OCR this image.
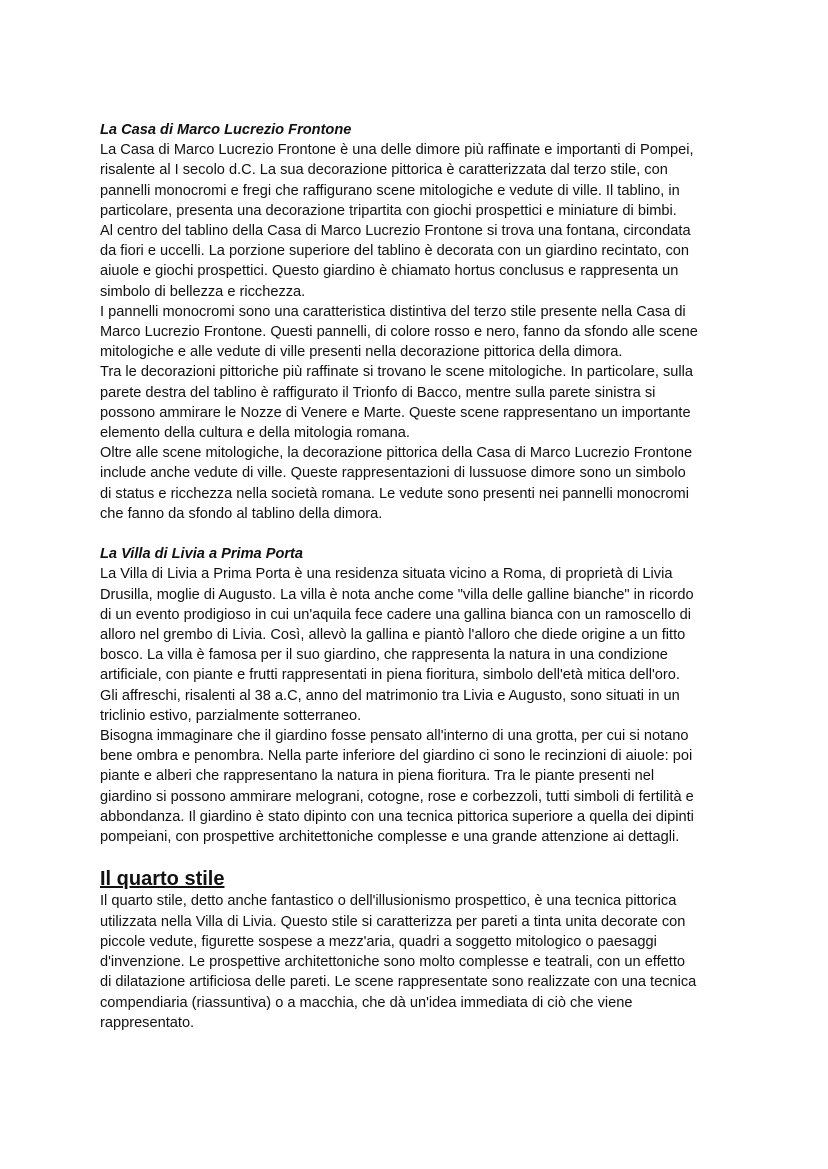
La Casa di Marco Lucrezio Frontone
La Casa di Marco Lucrezio Frontone è una delle dimore più raffinate e importanti di Pompei,
risalente al I secolo d.C. La sua decorazione pittorica è caratterizzata dal terzo stile, con
pannelli monocromi e fregi che raffigurano scene mitologiche e vedute di ville. Il tablino, in
particolare, presenta una decorazione tripartita con giochi prospettici e miniature di bimbi.
Al centro del tablino della Casa di Marco Lucrezio Frontone si trova una fontana, circondata
da fiori e uccelli. La porzione superiore del tablino è decorata con un giardino recintato, con
aiuole e giochi prospettici. Questo giardino è chiamato hortus conclusus e rappresenta un
simbolo di bellezza e ricchezza.
I pannelli monocromi sono una caratteristica distintiva del terzo stile presente nella Casa di
Marco Lucrezio Frontone. Questi pannelli, di colore rosso e nero, fanno da sfondo alle scene
mitologiche e alle vedute di ville presenti nella decorazione pittorica della dimora.
Tra le decorazioni pittoriche più raffinate si trovano le scene mitologiche. In particolare, sulla
parete destra del tablino è raffigurato il Trionfo di Bacco, mentre sulla parete sinistra si
possono ammirare le Nozze di Venere e Marte. Queste scene rappresentano un importante
elemento della cultura e della mitologia romana.
Oltre alle scene mitologiche, la decorazione pittorica della Casa di Marco Lucrezio Frontone
include anche vedute di ville. Queste rappresentazioni di lussuose dimore sono un simbolo
di status e ricchezza nella società romana. Le vedute sono presenti nei pannelli monocromi
che fanno da sfondo al tablino della dimora.
La Villa di Livia a Prima Porta
La Villa di Livia a Prima Porta è una residenza situata vicino a Roma, di proprietà di Livia
Drusilla, moglie di Augusto. La villa è nota anche come "villa delle galline bianche" in ricordo
di un evento prodigioso in cui un'aquila fece cadere una gallina bianca con un ramoscello di
alloro nel grembo di Livia. Così, allevò la gallina e piantò l'alloro che diede origine a un fitto
bosco. La villa è famosa per il suo giardino, che rappresenta la natura in una condizione
artificiale, con piante e frutti rappresentati in piena fioritura, simbolo dell'età mitica dell'oro.
Gli affreschi, risalenti al 38 a.C, anno del matrimonio tra Livia e Augusto, sono situati in un
triclinio estivo, parzialmente sotterraneo.
Bisogna immaginare che il giardino fosse pensato all'interno di una grotta, per cui si notano
bene ombra e penombra. Nella parte inferiore del giardino ci sono le recinzioni di aiuole: poi
piante e alberi che rappresentano la natura in piena fioritura. Tra le piante presenti nel
giardino si possono ammirare melograni, cotogne, rose e corbezzoli, tutti simboli di fertilità e
abbondanza. Il giardino è stato dipinto con una tecnica pittorica superiore a quella dei dipinti
pompeiani, con prospettive architettoniche complesse e una grande attenzione ai dettagli.
Il quarto stile
Il quarto stile, detto anche fantastico o dell'illusionismo prospettico, è una tecnica pittorica
utilizzata nella Villa di Livia. Questo stile si caratterizza per pareti a tinta unita decorate con
piccole vedute, figurette sospese a mezz'aria, quadri a soggetto mitologico o paesaggi
d'invenzione. Le prospettive architettoniche sono molto complesse e teatrali, con un effetto
di dilatazione artificiosa delle pareti. Le scene rappresentate sono realizzate con una tecnica
compendiaria (riassuntiva) o a macchia, che dà un'idea immediata di ciò che viene
rappresentato.
